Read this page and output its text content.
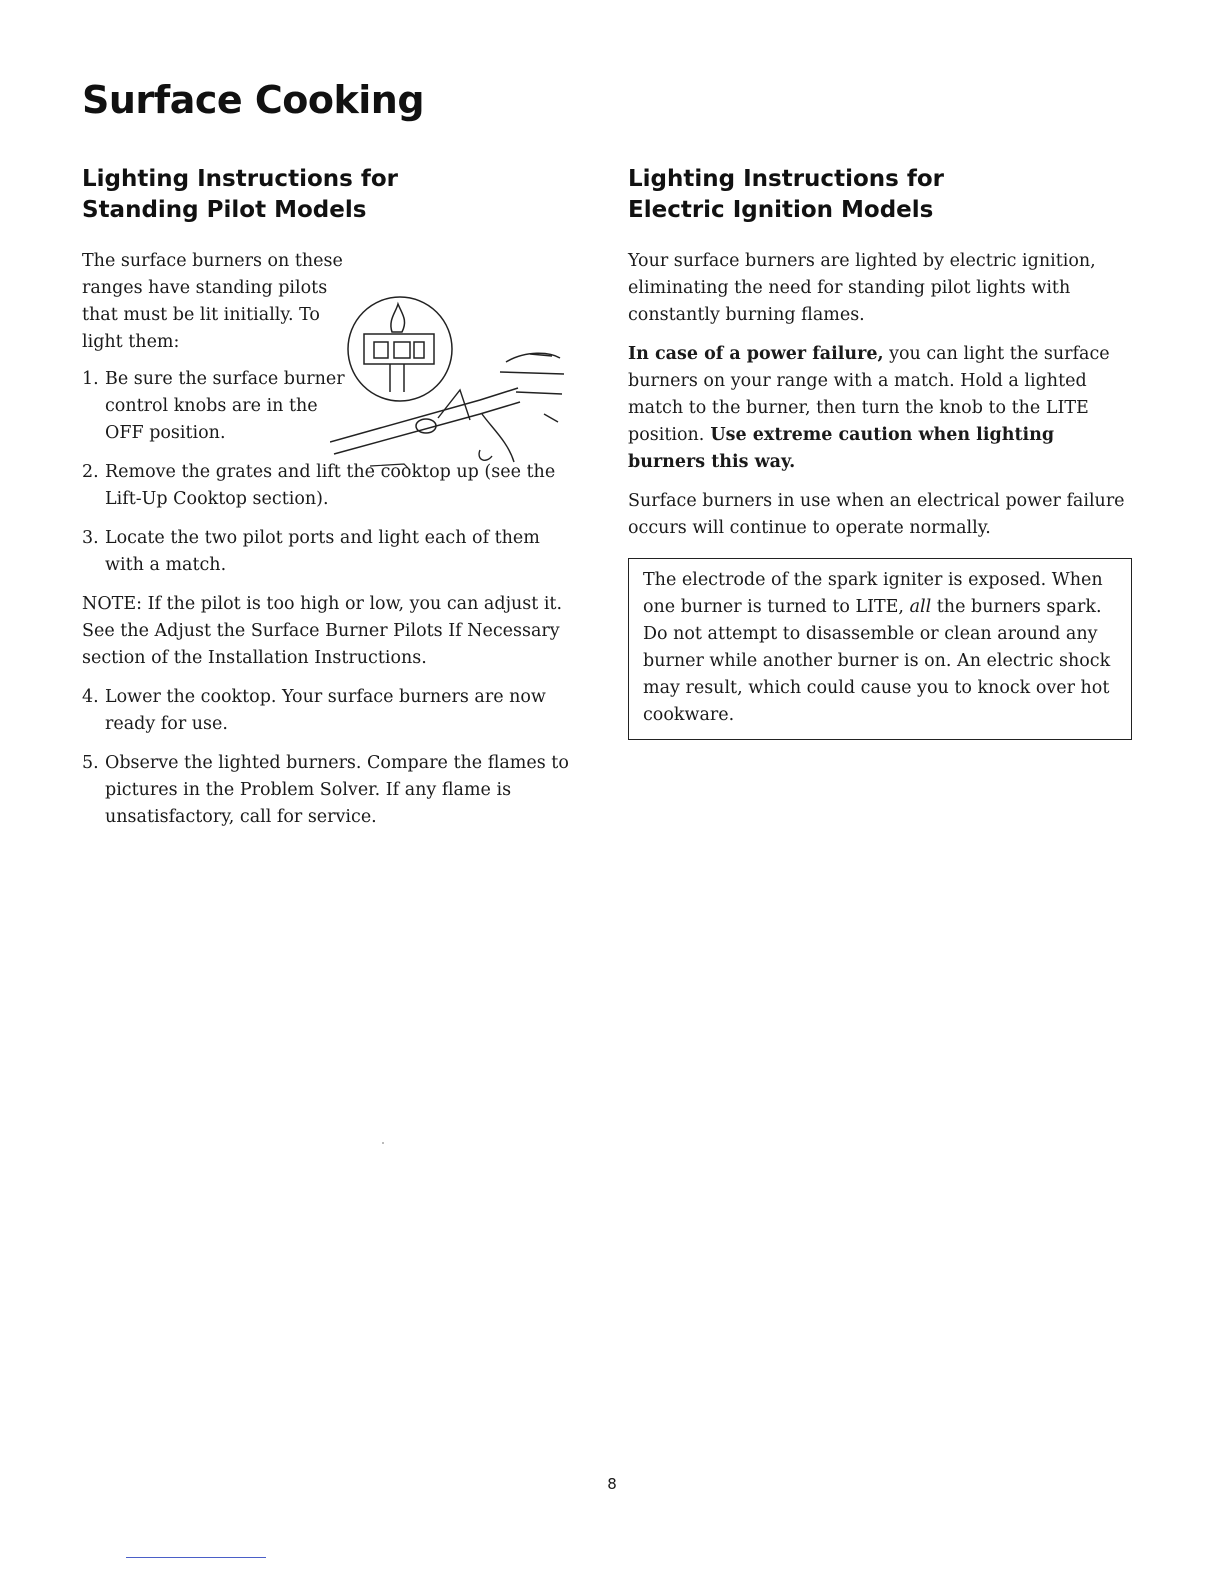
Surface Cooking
Lighting Instructions for
Standing Pilot Models

The surface burners on these ranges have standing pilots that must be lit initially. To light them:

1. Be sure the surface burner control knobs are in the OFF position.
2. Remove the grates and lift the cooktop up (see the Lift-Up Cooktop section).
3. Locate the two pilot ports and light each of them with a match.

NOTE: If the pilot is too high or low, you can adjust it. See the Adjust the Surface Burner Pilots If Necessary section of the Installation Instructions.

4. Lower the cooktop. Your surface burners are now ready for use.
5. Observe the lighted burners. Compare the flames to pictures in the Problem Solver. If any flame is unsatisfactory, call for service.
Lighting Instructions for
Electric Ignition Models

Your surface burners are lighted by electric ignition, eliminating the need for standing pilot lights with constantly burning flames.

In case of a power failure, you can light the surface burners on your range with a match. Hold a lighted match to the burner, then turn the knob to the LITE position. Use extreme caution when lighting burners this way.

Surface burners in use when an electrical power failure occurs will continue to operate normally.

The electrode of the spark igniter is exposed. When one burner is turned to LITE, all the burners spark. Do not attempt to disassemble or clean around any burner while another burner is on. An electric shock may result, which could cause you to knock over hot cookware.

8
